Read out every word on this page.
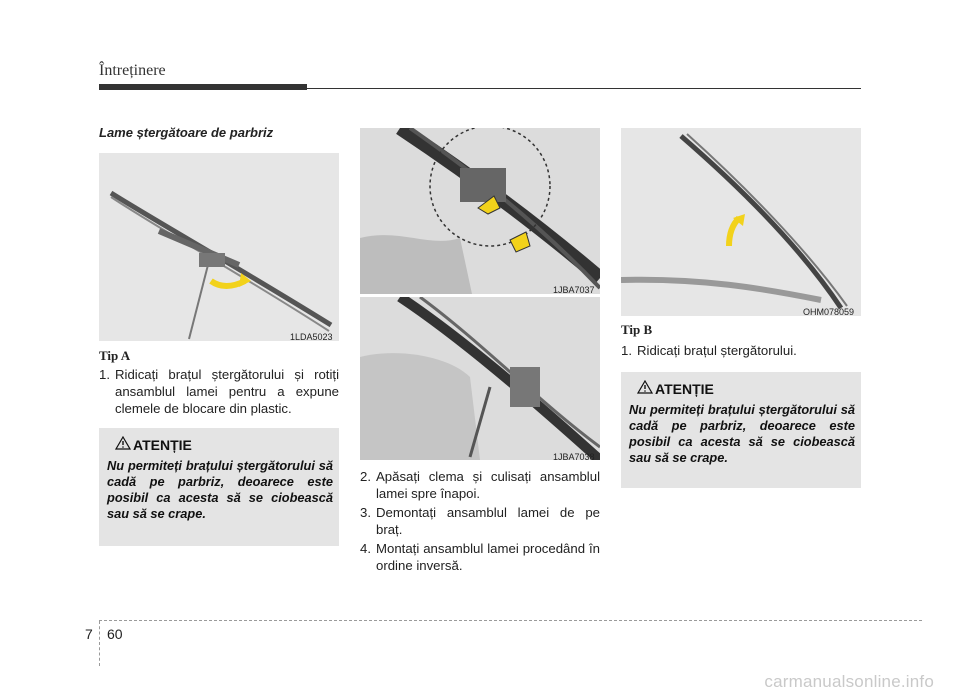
Întreținere
Lame ștergătoare de parbriz
1LDA5023
Tip A
1. Ridicați brațul ștergătorului și rotiți ansamblul lamei pentru a expune clemele de blocare din plastic.
ATENȚIE
Nu permiteți brațului ștergătorului să cadă pe parbriz, deoarece este posibil ca acesta să se ciobească sau să se crape.
1JBA7037
1JBA7038
2. Apăsați clema și culisați ansamblul lamei spre înapoi.
3. Demontați ansamblul lamei de pe braț.
4. Montați ansamblul lamei procedând în ordine inversă.
OHM078059
Tip B
1. Ridicați brațul ștergătorului.
ATENȚIE
Nu permiteți brațului ștergătorului să cadă pe parbriz, deoarece este posibil ca acesta să se ciobească sau să se crape.
7 60
carmanualsonline.info
